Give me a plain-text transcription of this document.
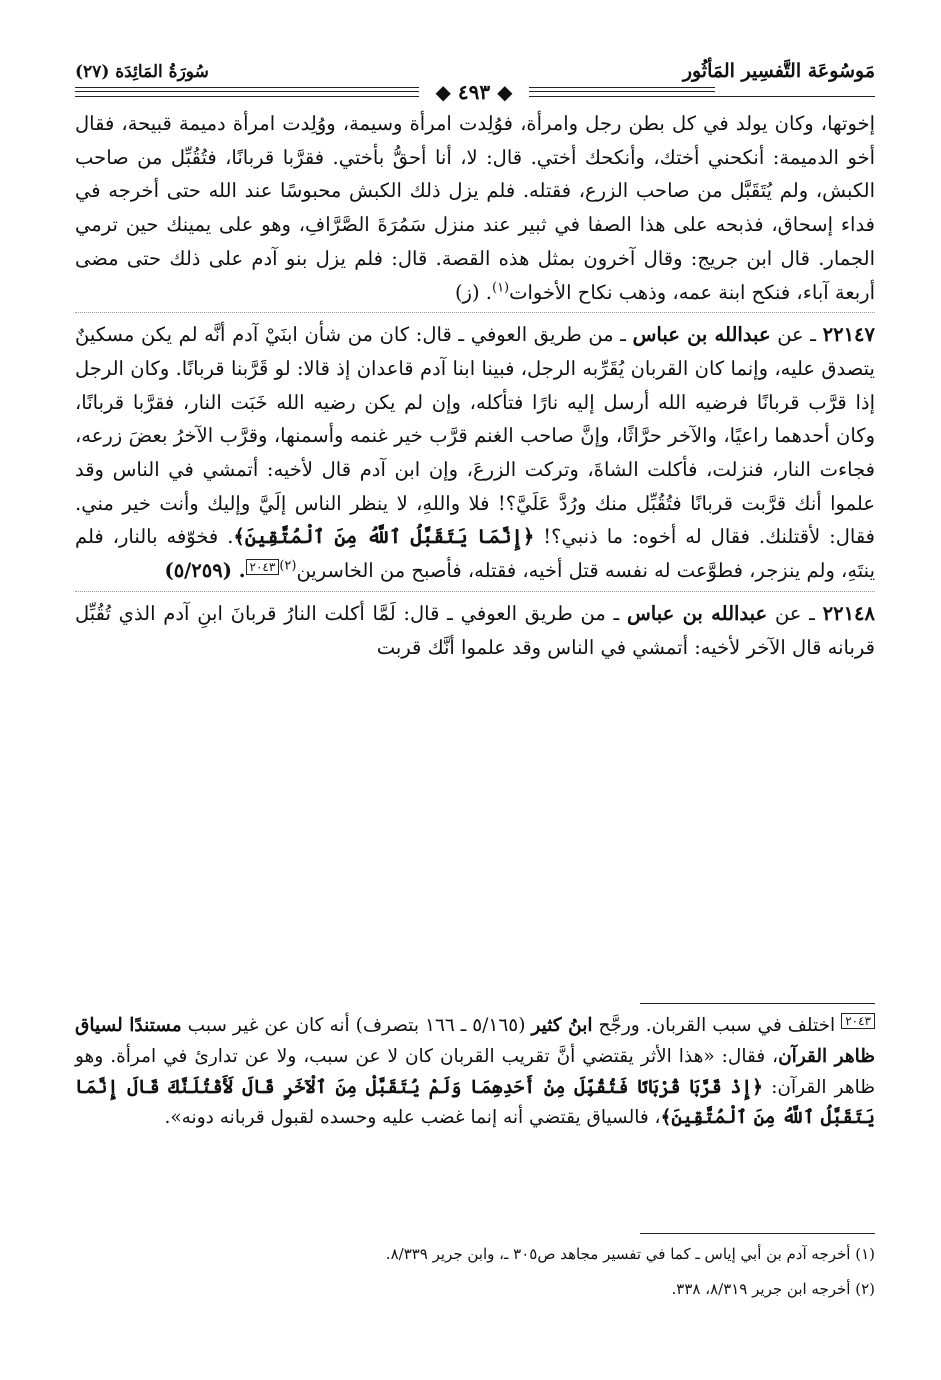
مَوسُوعَة التَّفسِير المَأثُور
◆ ٤٩٣ ◆
سُورَةُ المَائِدَة (٢٧)

إخوتها، وكان يولد في كل بطن رجل وامرأة، فوُلِدت امرأة وسيمة، ووُلِدت امرأة دميمة قبيحة، فقال أخو الدميمة: أنكحني أختك، وأنكحك أختي. قال: لا، أنا أحقُّ بأختي. فقرَّبا قربانًا، فتُقُبِّل من صاحب الكبش، ولم يُتَقَبَّل من صاحب الزرع، فقتله. فلم يزل ذلك الكبش محبوسًا عند الله حتى أخرجه في فداء إسحاق، فذبحه على هذا الصفا في ثبير عند منزل سَمُرَةَ الصَّرَّافِ، وهو على يمينك حين ترمي الجمار. قال ابن جريج: وقال آخرون بمثل هذه القصة. قال: فلم يزل بنو آدم على ذلك حتى مضى أربعة آباء، فنكح ابنة عمه، وذهب نكاح الأخوات$^{(١)}$. (ز)

٢٢١٤٧ ـ عن عبدالله بن عباس ـ من طريق العوفي ـ قال: كان من شأن ابنَيْ آدم أنَّه لم يكن مسكينٌ يتصدق عليه، وإنما كان القربان يُقَرِّبه الرجل، فبينا ابنا آدم قاعدان إذ قالا: لو قَرَّبنا قربانًا. وكان الرجل إذا قرَّب قربانًا فرضيه الله أرسل إليه نارًا فتأكله، وإن لم يكن رضيه الله خَبَت النار، فقرَّبا قربانًا، وكان أحدهما راعيًا، والآخر حرَّاثًا، وإنَّ صاحب الغنم قرَّب خير غنمه وأسمنها، وقرَّب الآخرُ بعضَ زرعه، فجاءت النار، فنزلت، فأكلت الشاةَ، وتركت الزرعَ، وإن ابن آدم قال لأخيه: أتمشي في الناس وقد علموا أنك قرَّبت قربانًا فتُقُبِّل منك ورُدَّ عَلَيَّ؟! فلا واللهِ، لا ينظر الناس إلَيَّ وإليك وأنت خير مني. فقال: لأقتلنك. فقال له أخوه: ما ذنبي؟! ﴿إِنَّمَا يَتَقَبَّلُ ٱللَّهُ مِنَ ٱلْمُتَّقِينَ﴾. فخوّفه بالنار، فلم ينتَهِ، ولم ينزجر، فطوَّعت له نفسه قتل أخيه، فقتله، فأصبح من الخاسرين$^{(٢)}$٢٠٤٣. (٥/٢٥٩)

٢٢١٤٨ ـ عن عبدالله بن عباس ـ من طريق العوفي ـ قال: لَمَّا أكلت النارُ قربانَ ابنِ آدم الذي تُقُبِّل قربانه قال الآخر لأخيه: أتمشي في الناس وقد علموا أنَّك قربت

٢٠٤٣ اختلف في سبب القربان. ورجَّح ابنُ كثير (٥/١٦٥ ـ ١٦٦ بتصرف) أنه كان عن غير سبب مستندًا لسياق ظاهر القرآن، فقال: «هذا الأثر يقتضي أنَّ تقريب القربان كان لا عن سبب، ولا عن تدارئ في امرأة. وهو ظاهر القرآن: ﴿إِذْ قَرَّبَا قُرْبَانًا فَتُقُبِّلَ مِنْ أَحَدِهِمَا وَلَمْ يُتَقَبَّلْ مِنَ ٱلْآخَرِ قَالَ لَأَقْتُلَنَّكَ قَالَ إِنَّمَا يَتَقَبَّلُ ٱللَّهُ مِنَ ٱلْمُتَّقِينَ﴾، فالسياق يقتضي أنه إنما غضب عليه وحسده لقبول قربانه دونه».

(١) أخرجه آدم بن أبي إياس ـ كما في تفسير مجاهد ص٣٠٥ ـ، وابن جرير ٨/٣٣٩.
(٢) أخرجه ابن جرير ٨/٣١٩، ٣٣٨.
